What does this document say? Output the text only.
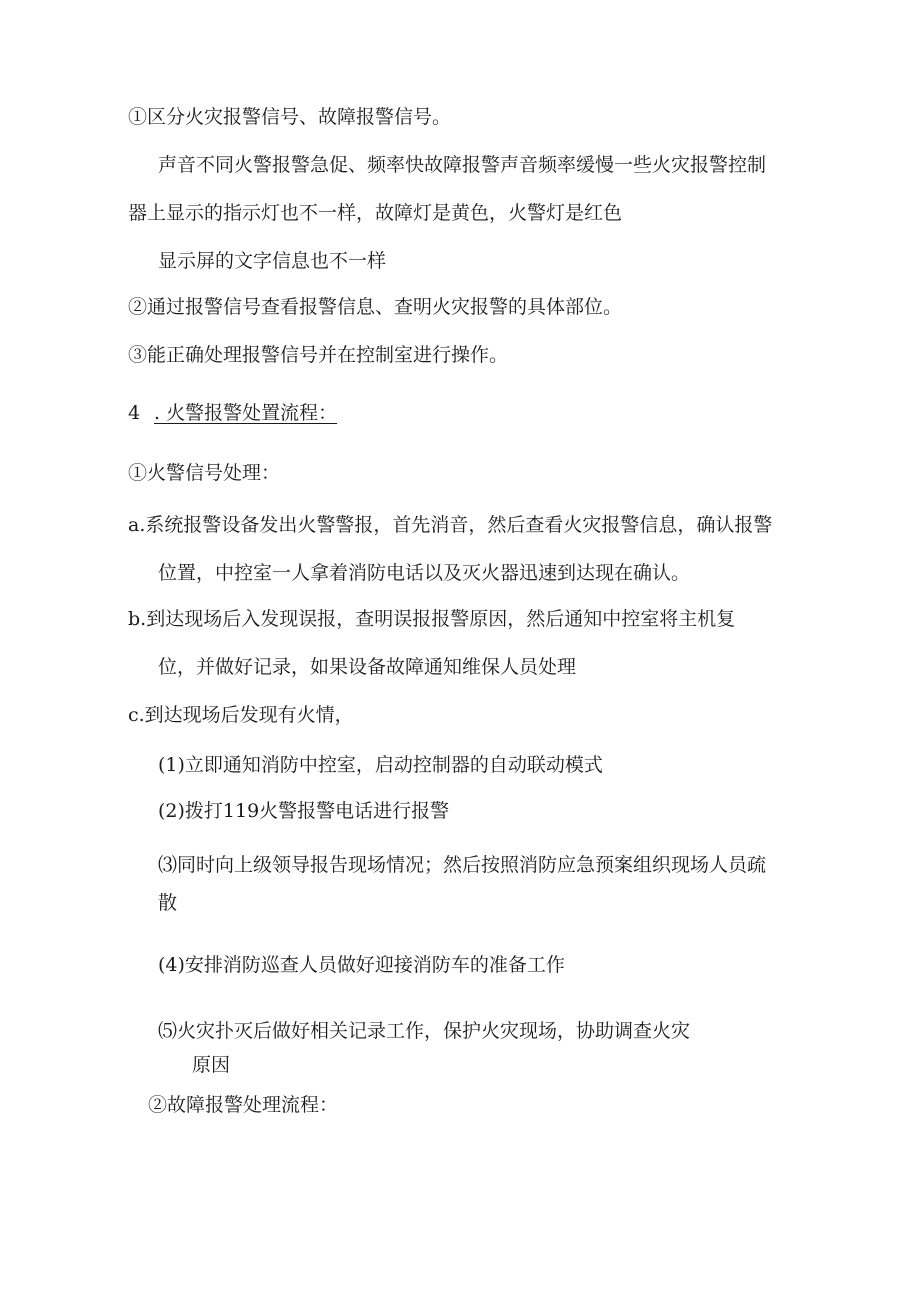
①区分火灾报警信号、故障报警信号。
声音不同火警报警急促、频率快故障报警声音频率缓慢一些火灾报警控制
器上显示的指示灯也不一样，故障灯是黄色，火警灯是红色
显示屏的文字信息也不一样
②通过报警信号查看报警信息、查明火灾报警的具体部位。
③能正确处理报警信号并在控制室进行操作。
4 . 火警报警处置流程：
①火警信号处理：
a.系统报警设备发出火警警报，首先消音，然后查看火灾报警信息，确认报警
位置，中控室一人拿着消防电话以及灭火器迅速到达现在确认。
b.到达现场后入发现误报，查明误报报警原因，然后通知中控室将主机复
位，并做好记录，如果设备故障通知维保人员处理
c.到达现场后发现有火情，
(1)立即通知消防中控室，启动控制器的自动联动模式
(2)拨打119火警报警电话进行报警
⑶同时向上级领导报告现场情况；然后按照消防应急预案组织现场人员疏
散
(4)安排消防巡查人员做好迎接消防车的准备工作
⑸火灾扑灭后做好相关记录工作，保护火灾现场，协助调查火灾
原因
②故障报警处理流程：
